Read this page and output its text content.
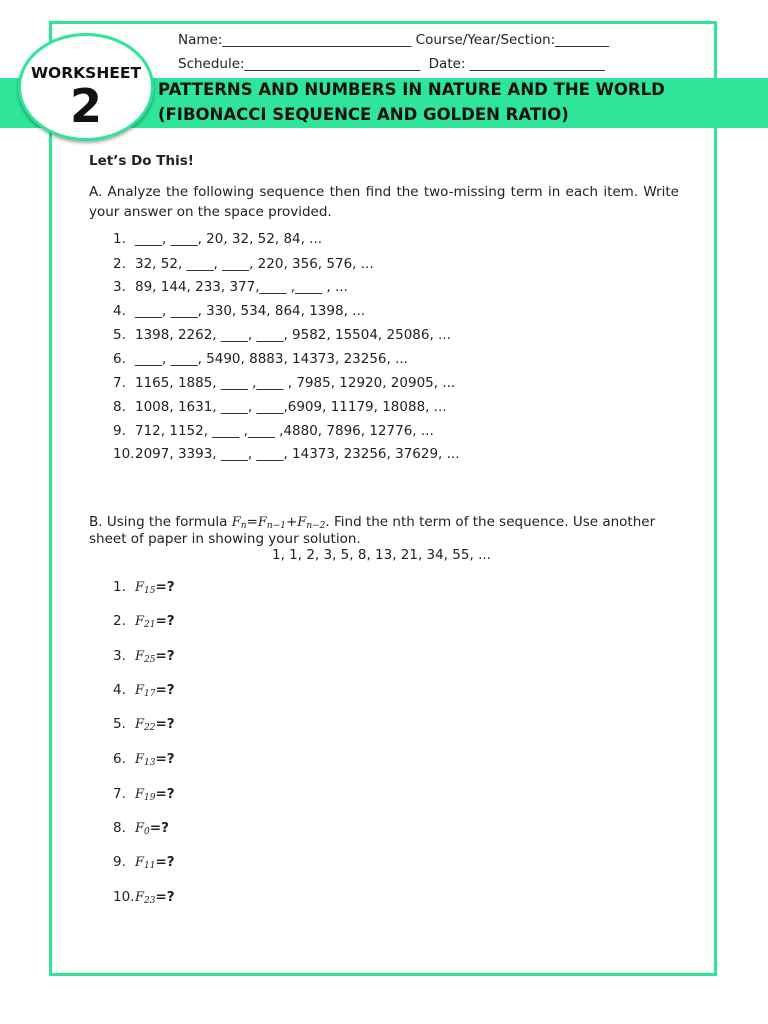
Name:____________________________ Course/Year/Section:________
Schedule:__________________________  Date: ____________________
PATTERNS AND NUMBERS IN NATURE AND THE WORLD
(FIBONACCI SEQUENCE AND GOLDEN RATIO)
WORKSHEET
2
Let’s Do This!
A. Analyze the following sequence then find the two-missing term in each item. Write your answer on the space provided.
1. ____, ____, 20, 32, 52, 84, ...
2. 32, 52, ____, ____, 220, 356, 576, ...
3. 89, 144, 233, 377,____ ,____ , ...
4. ____, ____, 330, 534, 864, 1398, ...
5. 1398, 2262, ____, ____, 9582, 15504, 25086, ...
6. ____, ____, 5490, 8883, 14373, 23256, ...
7. 1165, 1885, ____ ,____ , 7985, 12920, 20905, ...
8. 1008, 1631, ____, ____,6909, 11179, 18088, ...
9. 712, 1152, ____ ,____ ,4880, 7896, 12776, ...
10.2097, 3393, ____, ____, 14373, 23256, 37629, ...
B. Using the formula Fn=Fn−1+Fn−2. Find the nth term of the sequence. Use another
sheet of paper in showing your solution.
1, 1, 2, 3, 5, 8, 13, 21, 34, 55, ...
1. F15=?
2. F21=?
3. F25=?
4. F17=?
5. F22=?
6. F13=?
7. F19=?
8. F0=?
9. F11=?
10.F23=?
